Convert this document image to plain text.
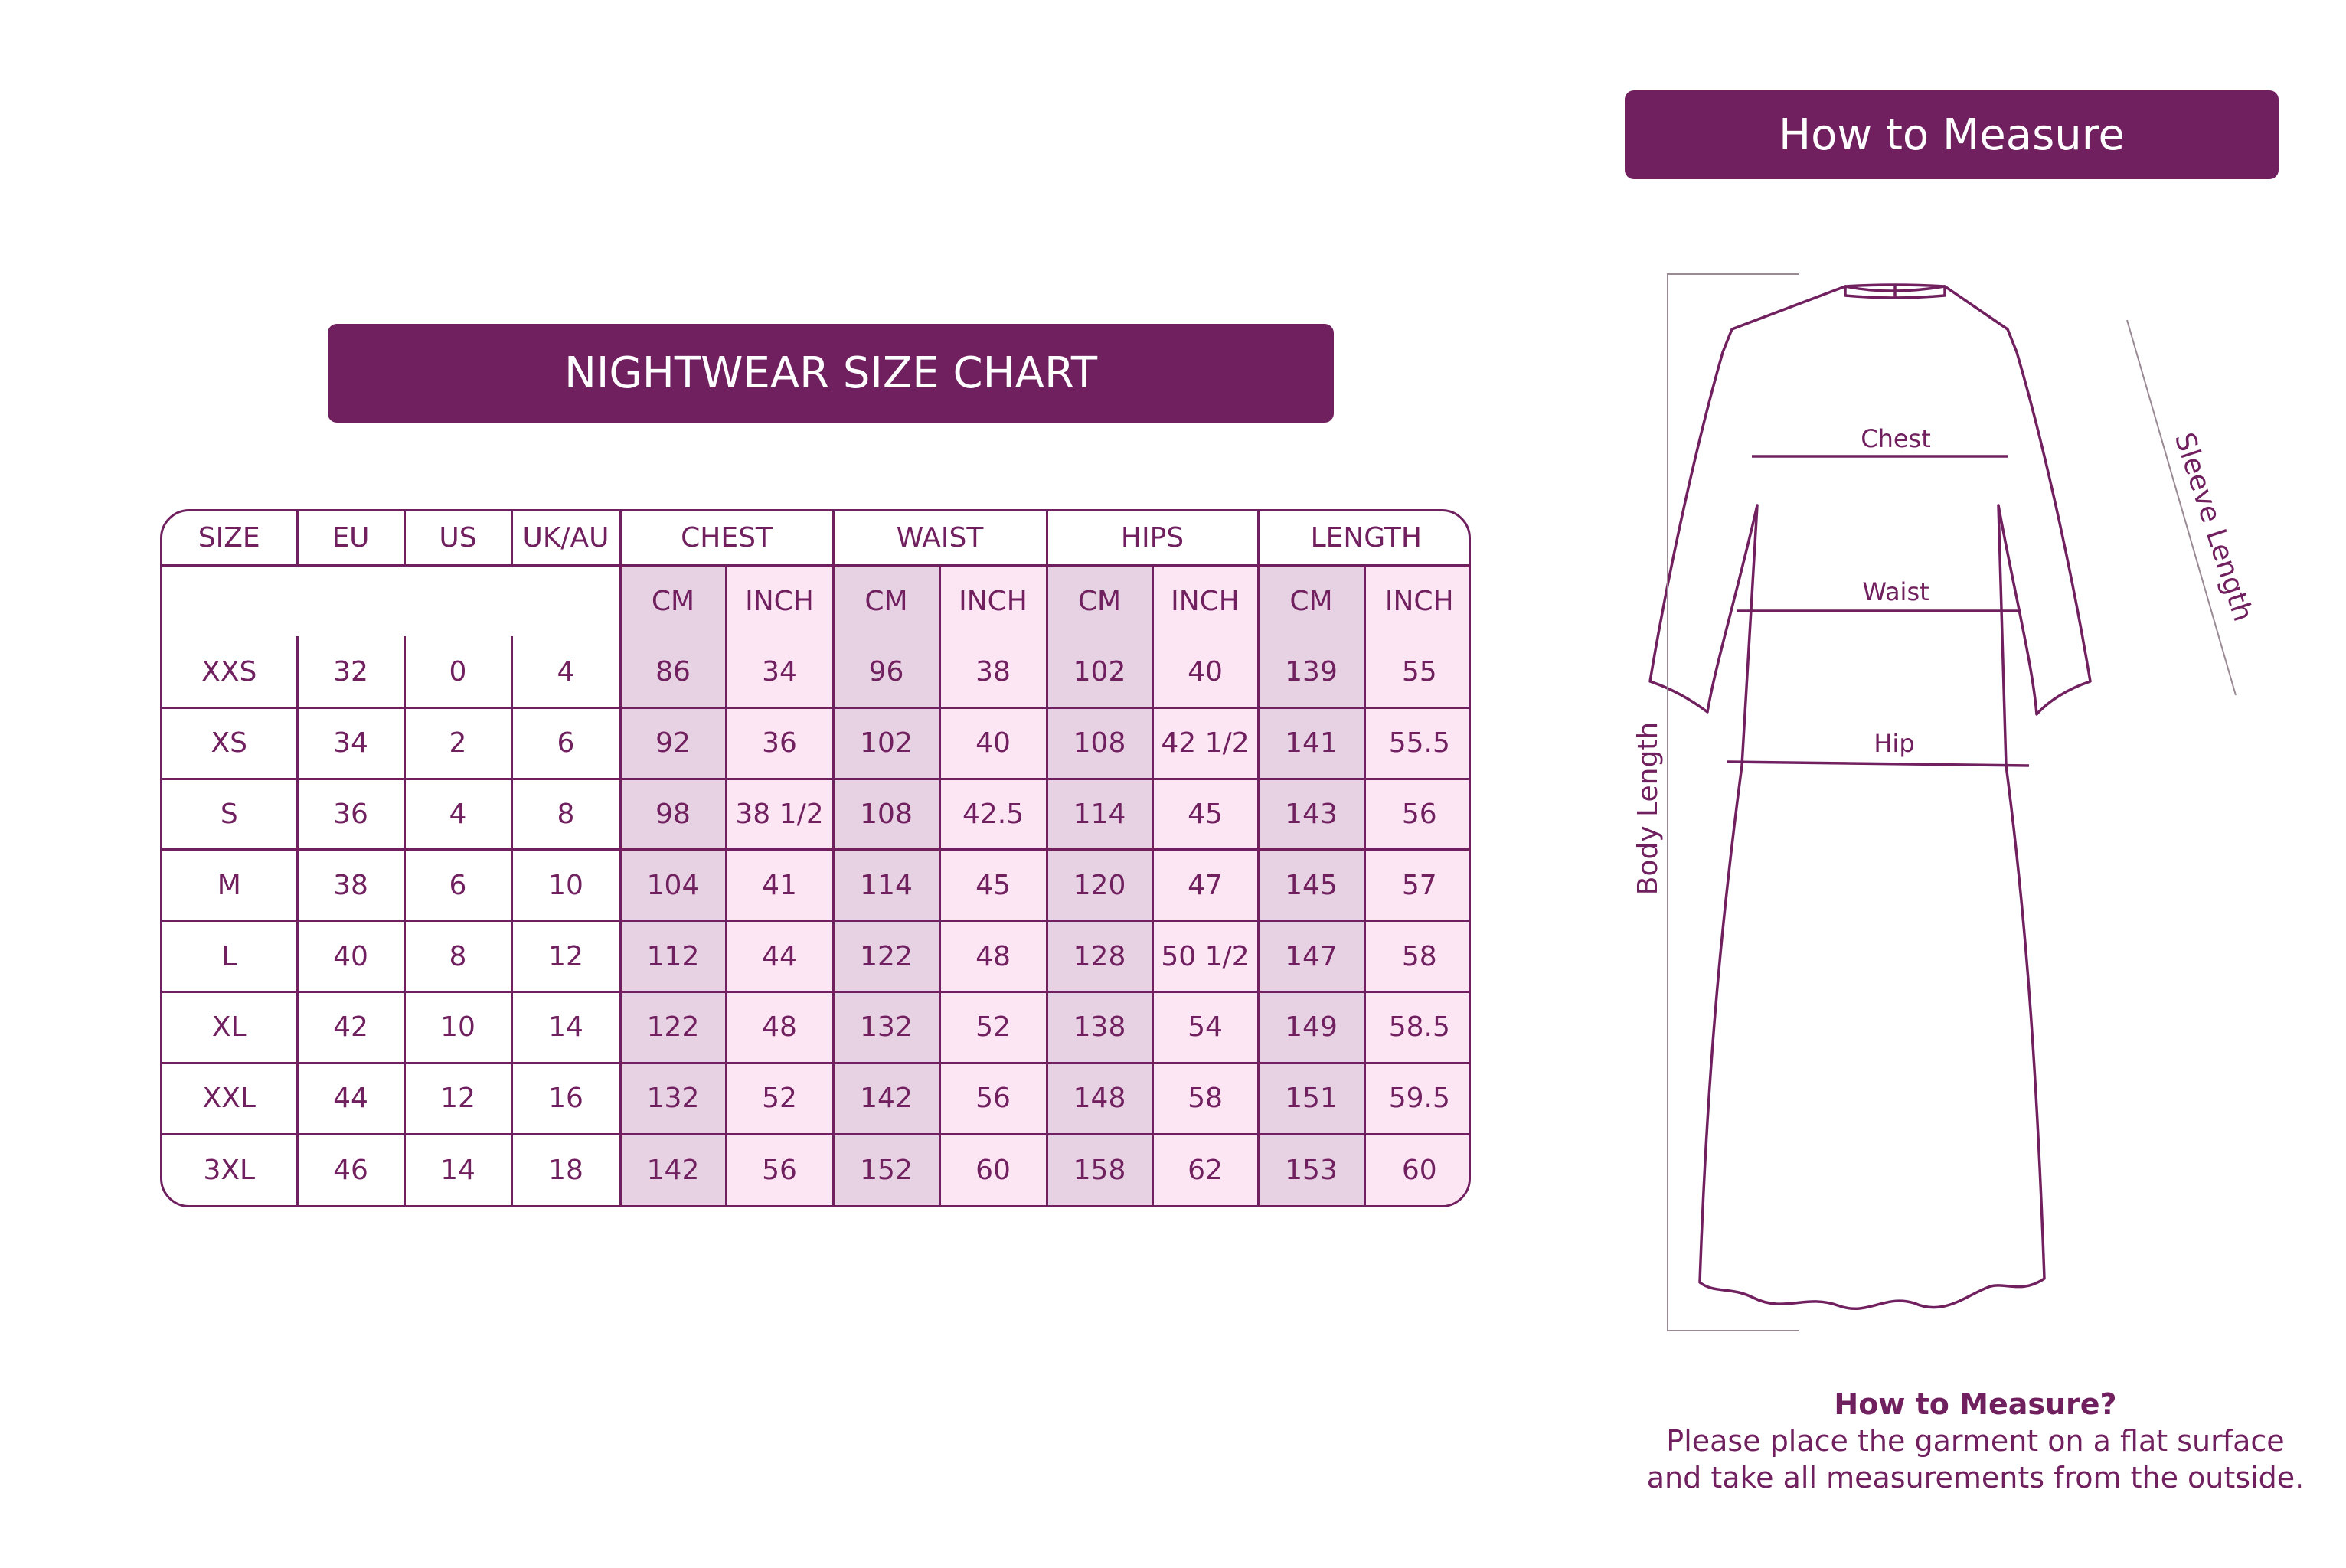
NIGHTWEAR SIZE CHART
How to Measure
SIZE	EU	US	UK/AU	CHEST		WAIST		HIPS		LENGTH	
				CM	INCH	CM	INCH	CM	INCH	CM	INCH
XXS	32	0	4	86	34	96	38	102	40	139	55
XS	34	2	6	92	36	102	40	108	42 1/2	141	55.5
S	36	4	8	98	38 1/2	108	42.5	114	45	143	56
M	38	6	10	104	41	114	45	120	47	145	57
L	40	8	12	112	44	122	48	128	50 1/2	147	58
XL	42	10	14	122	48	132	52	138	54	149	58.5
XXL	44	12	16	132	52	142	56	148	58	151	59.5
3XL	46	14	18	142	56	152	60	158	62	153	60
Chest
Waist
Hip
Sleeve Length
Body Length
How to Measure?
Please place the garment on a flat surface
and take all measurements from the outside.
